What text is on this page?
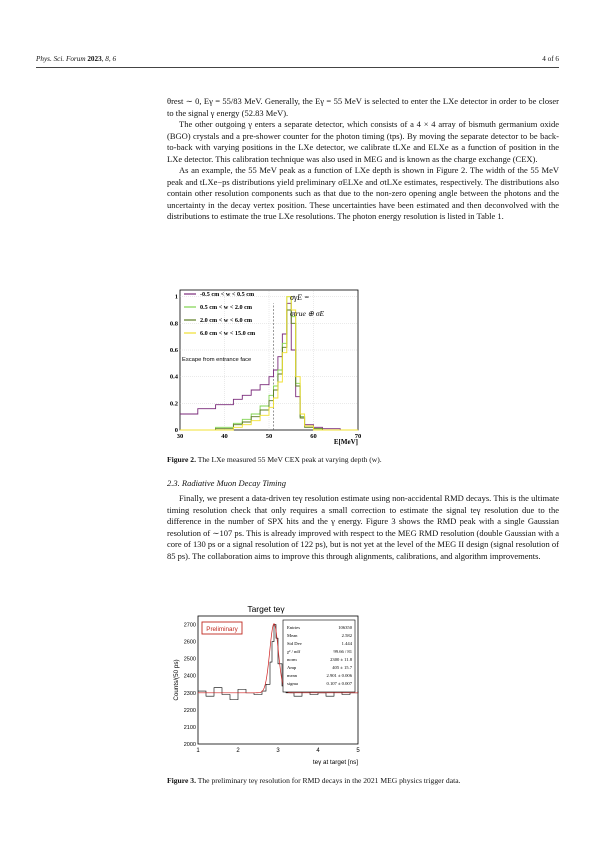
Phys. Sci. Forum 2023, 8, 6	4 of 6

θrest ∼ 0, Eγ = 55/83 MeV. Generally, the Eγ = 55 MeV is selected to enter the LXe detector in order to be closer to the signal γ energy (52.83 MeV).

The other outgoing γ enters a separate detector, which consists of a 4 × 4 array of bismuth germanium oxide (BGO) crystals and a pre-shower counter for the photon timing (tps). By moving the separate detector to be back-to-back with varying positions in the LXe detector, we calibrate tLXe and ELXe as a function of position in the LXe detector. This calibration technique was also used in MEG and is known as the charge exchange (CEX).

As an example, the 55 MeV peak as a function of LXe depth is shown in Figure 2. The width of the 55 MeV peak and tLXe−ps distributions yield preliminary σELXe and σtLXe estimates, respectively. The distributions also contain other resolution components such as that due to the non-zero opening angle between the photons and the uncertainty in the decay vertex position. These uncertainties have been estimated and then deconvolved with the distributions to estimate the true LXe resolutions. The photon energy resolution is listed in Table 1.

0
0.2
0.4
0.6
0.8
1
30	40	50	60	70
E[MeV]
-0.5 cm < w < 0.5 cm
0.5 cm < w < 2.0 cm
2.0 cm < w < 6.0 cm
6.0 cm < w < 15.0 cm
Escape from entrance face
σγE =
σtrue ⊕ σE
Figure 2. The LXe measured 55 MeV CEX peak at varying depth (w).
2.3. Radiative Muon Decay Timing

Finally, we present a data-driven teγ resolution estimate using non-accidental RMD decays. This is the ultimate timing resolution check that only requires a small correction to estimate the signal teγ resolution due to the difference in the number of SPX hits and the γ energy. Figure 3 shows the RMD peak with a single Gaussian resolution of ∼107 ps. This is already improved with respect to the MEG RMD resolution (double Gaussian with a core of 130 ps or a signal resolution of 122 ps), but is not yet at the level of the MEG II design (signal resolution of 85 ps). The collaboration aims to improve this through alignments, calibrations, and algorithm improvements.

Target teγ
2000
2100
2200
2300
2400
2500
2600
2700
1	2	3	4	5
Preliminary	Entries	106350
Mean	2.582
Std Dev	1.444
χ² / ndf	99.66 / 81
norm	2300 ± 11.8
Amp	405 ± 15.7
mean	2.901 ± 0.006
sigma	0.107 ± 0.007
Counts/(50 ps)
teγ at target [ns]
Figure 3. The preliminary teγ resolution for RMD decays in the 2021 MEG physics trigger data.
